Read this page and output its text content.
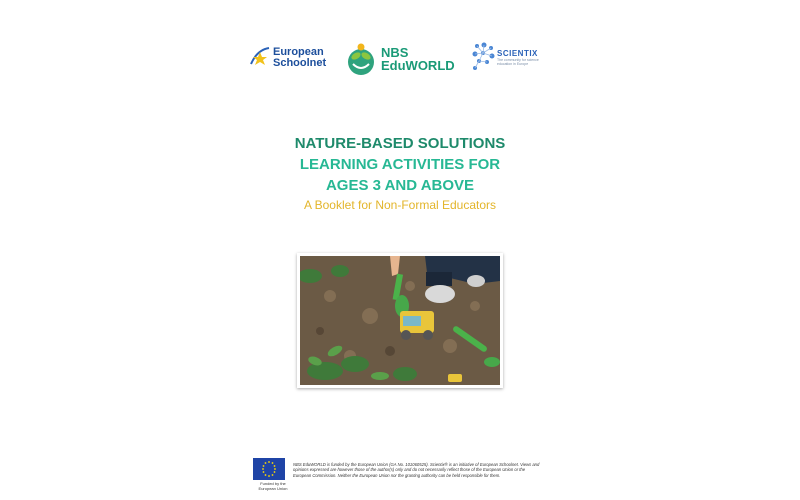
European
Schoolnet
NBS
EduWORLD
SCIENTIX
The community for science education in Europe
NATURE-BASED SOLUTIONS
LEARNING ACTIVITIES FOR
AGES 3 AND ABOVE
A Booklet for Non-Formal Educators
Funded by the European Union
NBS EduWORLD is funded by the European Union (GA No. 101060525). Scientix® is an initiative of European Schoolnet. Views and opinions expressed are however those of the author(s) only and do not necessarily reflect those of the European Union or the European Commission. Neither the European Union nor the granting authority can be held responsible for them.
